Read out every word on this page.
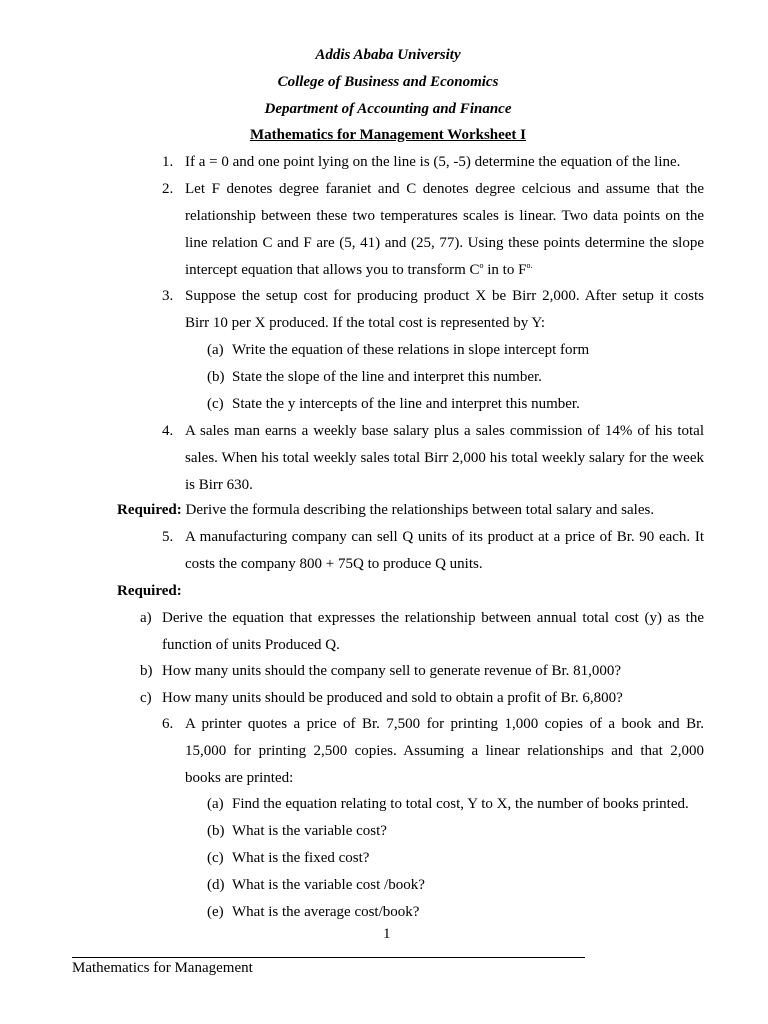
Addis Ababa University
College of Business and Economics
Department of Accounting and Finance
Mathematics for Management Worksheet I
1. If a = 0 and one point lying on the line is (5, -5) determine the equation of the line.
2. Let F denotes degree faraniet and C denotes degree celcious and assume that the
relationship between these two temperatures scales is linear. Two data points on the
line relation C and F are (5, 41) and (25, 77). Using these points determine the slope
intercept equation that allows you to transform $C^o$ in to $F^{o.}$
3. Suppose the setup cost for producing product X be Birr 2,000. After setup it costs
Birr 10 per X produced. If the total cost is represented by Y:
(a) Write the equation of these relations in slope intercept form
(b) State the slope of the line and interpret this number.
(c) State the y intercepts of the line and interpret this number.
4. A sales man earns a weekly base salary plus a sales commission of 14% of his total
sales. When his total weekly sales total Birr 2,000 his total weekly salary for the week
is Birr 630.
Required: Derive the formula describing the relationships between total salary and sales.
5. A manufacturing company can sell Q units of its product at a price of Br. 90 each. It
costs the company 800 + 75Q to produce Q units.
Required:
a) Derive the equation that expresses the relationship between annual total cost (y) as the
function of units Produced Q.
b) How many units should the company sell to generate revenue of Br. 81,000?
c) How many units should be produced and sold to obtain a profit of Br. 6,800?
6. A printer quotes a price of Br. 7,500 for printing 1,000 copies of a book and Br.
15,000 for printing 2,500 copies. Assuming a linear relationships and that 2,000
books are printed:
(a) Find the equation relating to total cost, Y to X, the number of books printed.
(b) What is the variable cost?
(c) What is the fixed cost?
(d) What is the variable cost /book?
(e) What is the average cost/book?
1
Mathematics for Management
